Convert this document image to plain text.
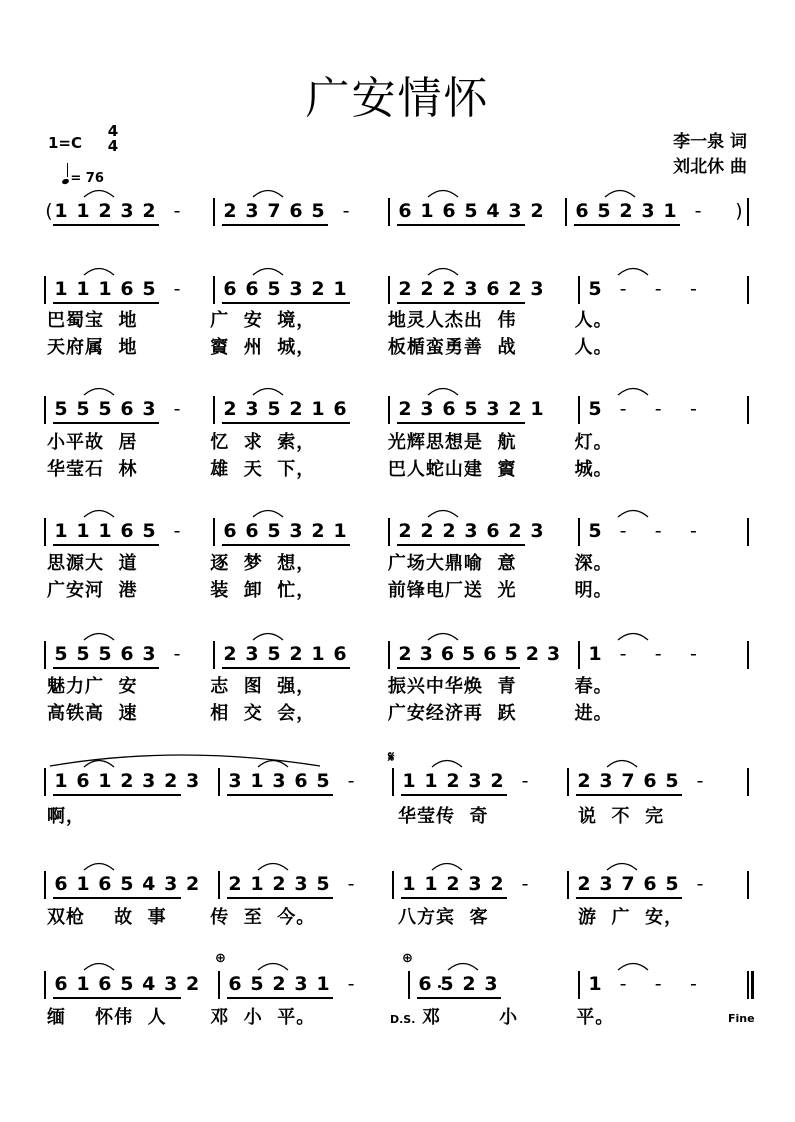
广安情怀
李一泉 词
刘北休 曲
1=C
4
4
= 76
(	)
1 1 2 3 2 - 2 3 7 6 5 -	6 1 6 5 4 3 2 6 5 2 3 1 -
1 1 1 6 5 - 6 6 5 3 2 1	2 2 2 3 6 2 3 5 - - -
巴蜀宝  地          广  安  境，          地灵人杰出  伟        人。
天府属  地          賨  州  城，          板楯蛮勇善  战        人。
5 5 5 6 3 - 2 3 5 2 1 6	2 3 6 5 3 2 1 5 - - -
小平故  居          忆  求  索，          光辉思想是  航        灯。
华莹石  林          雄  天  下，          巴人蛇山建  賨        城。
1 1 1 6 5 - 6 6 5 3 2 1	2 2 2 3 6 2 3 5 - - -
思源大  道          逐  梦  想，          广场大鼎喻  意        深。
广安河  港          装  卸  忙，          前锋电厂送  光        明。
5 5 5 6 3 - 2 3 5 2 1 6	2 3 6 5 6 5 2 3 1 - - -
魅力广  安          志  图  强，          振兴中华焕  青        春。
高铁高  速          相  交  会，          广安经济再  跃        进。
1 6 1 2 3 2 3 3 1 3 6 5 -	1 1 2 3 2 -	2 3 7 6 5 -
啊，	华莹传  奇	说  不  完
6 1 6 5 4 3 2 2 1 2 3 5 -	1 1 2 3 2 -	2 3 7 6 5 -
双枪    故  事      传  至  今。	八方宾  客	游  广  安，
6 1 6 5 4 3 2 6 5 2 3 1 -	6 5 2 3	1 - - -
缅    怀伟  人      邓  小  平。	邓        小        平。
𝄋
⊕	⊕
D.S.	Fine
